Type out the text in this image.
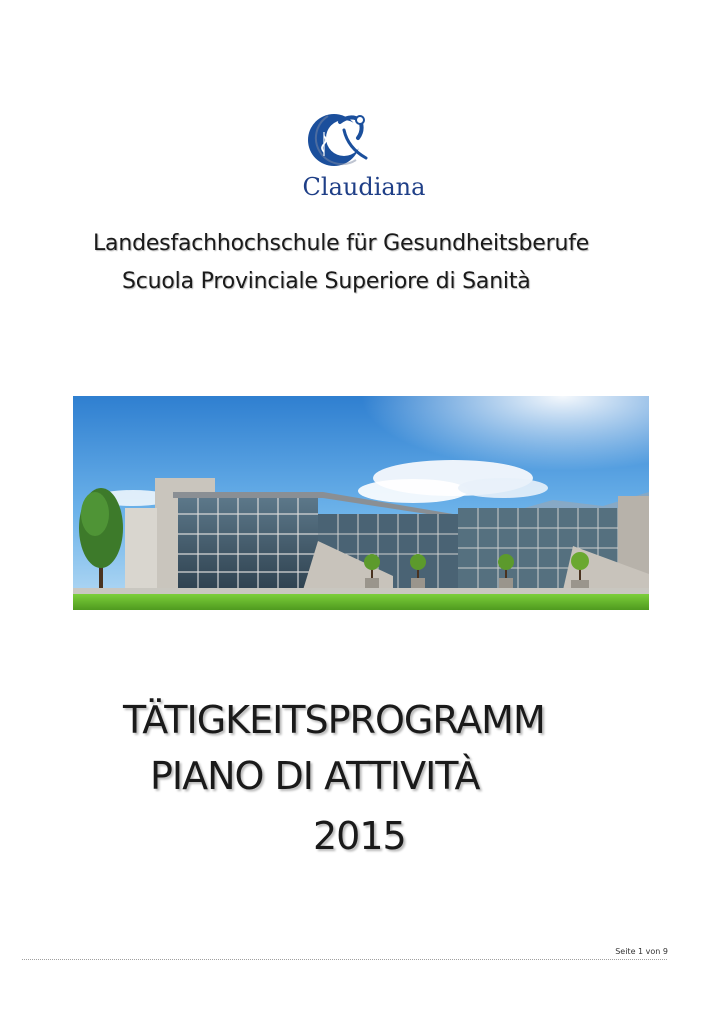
Claudiana
Landesfachhochschule für Gesundheitsberufe
Scuola Provinciale Superiore di Sanità
TÄTIGKEITSPROGRAMM
PIANO DI ATTIVITÀ
2015
Seite 1 von 9
